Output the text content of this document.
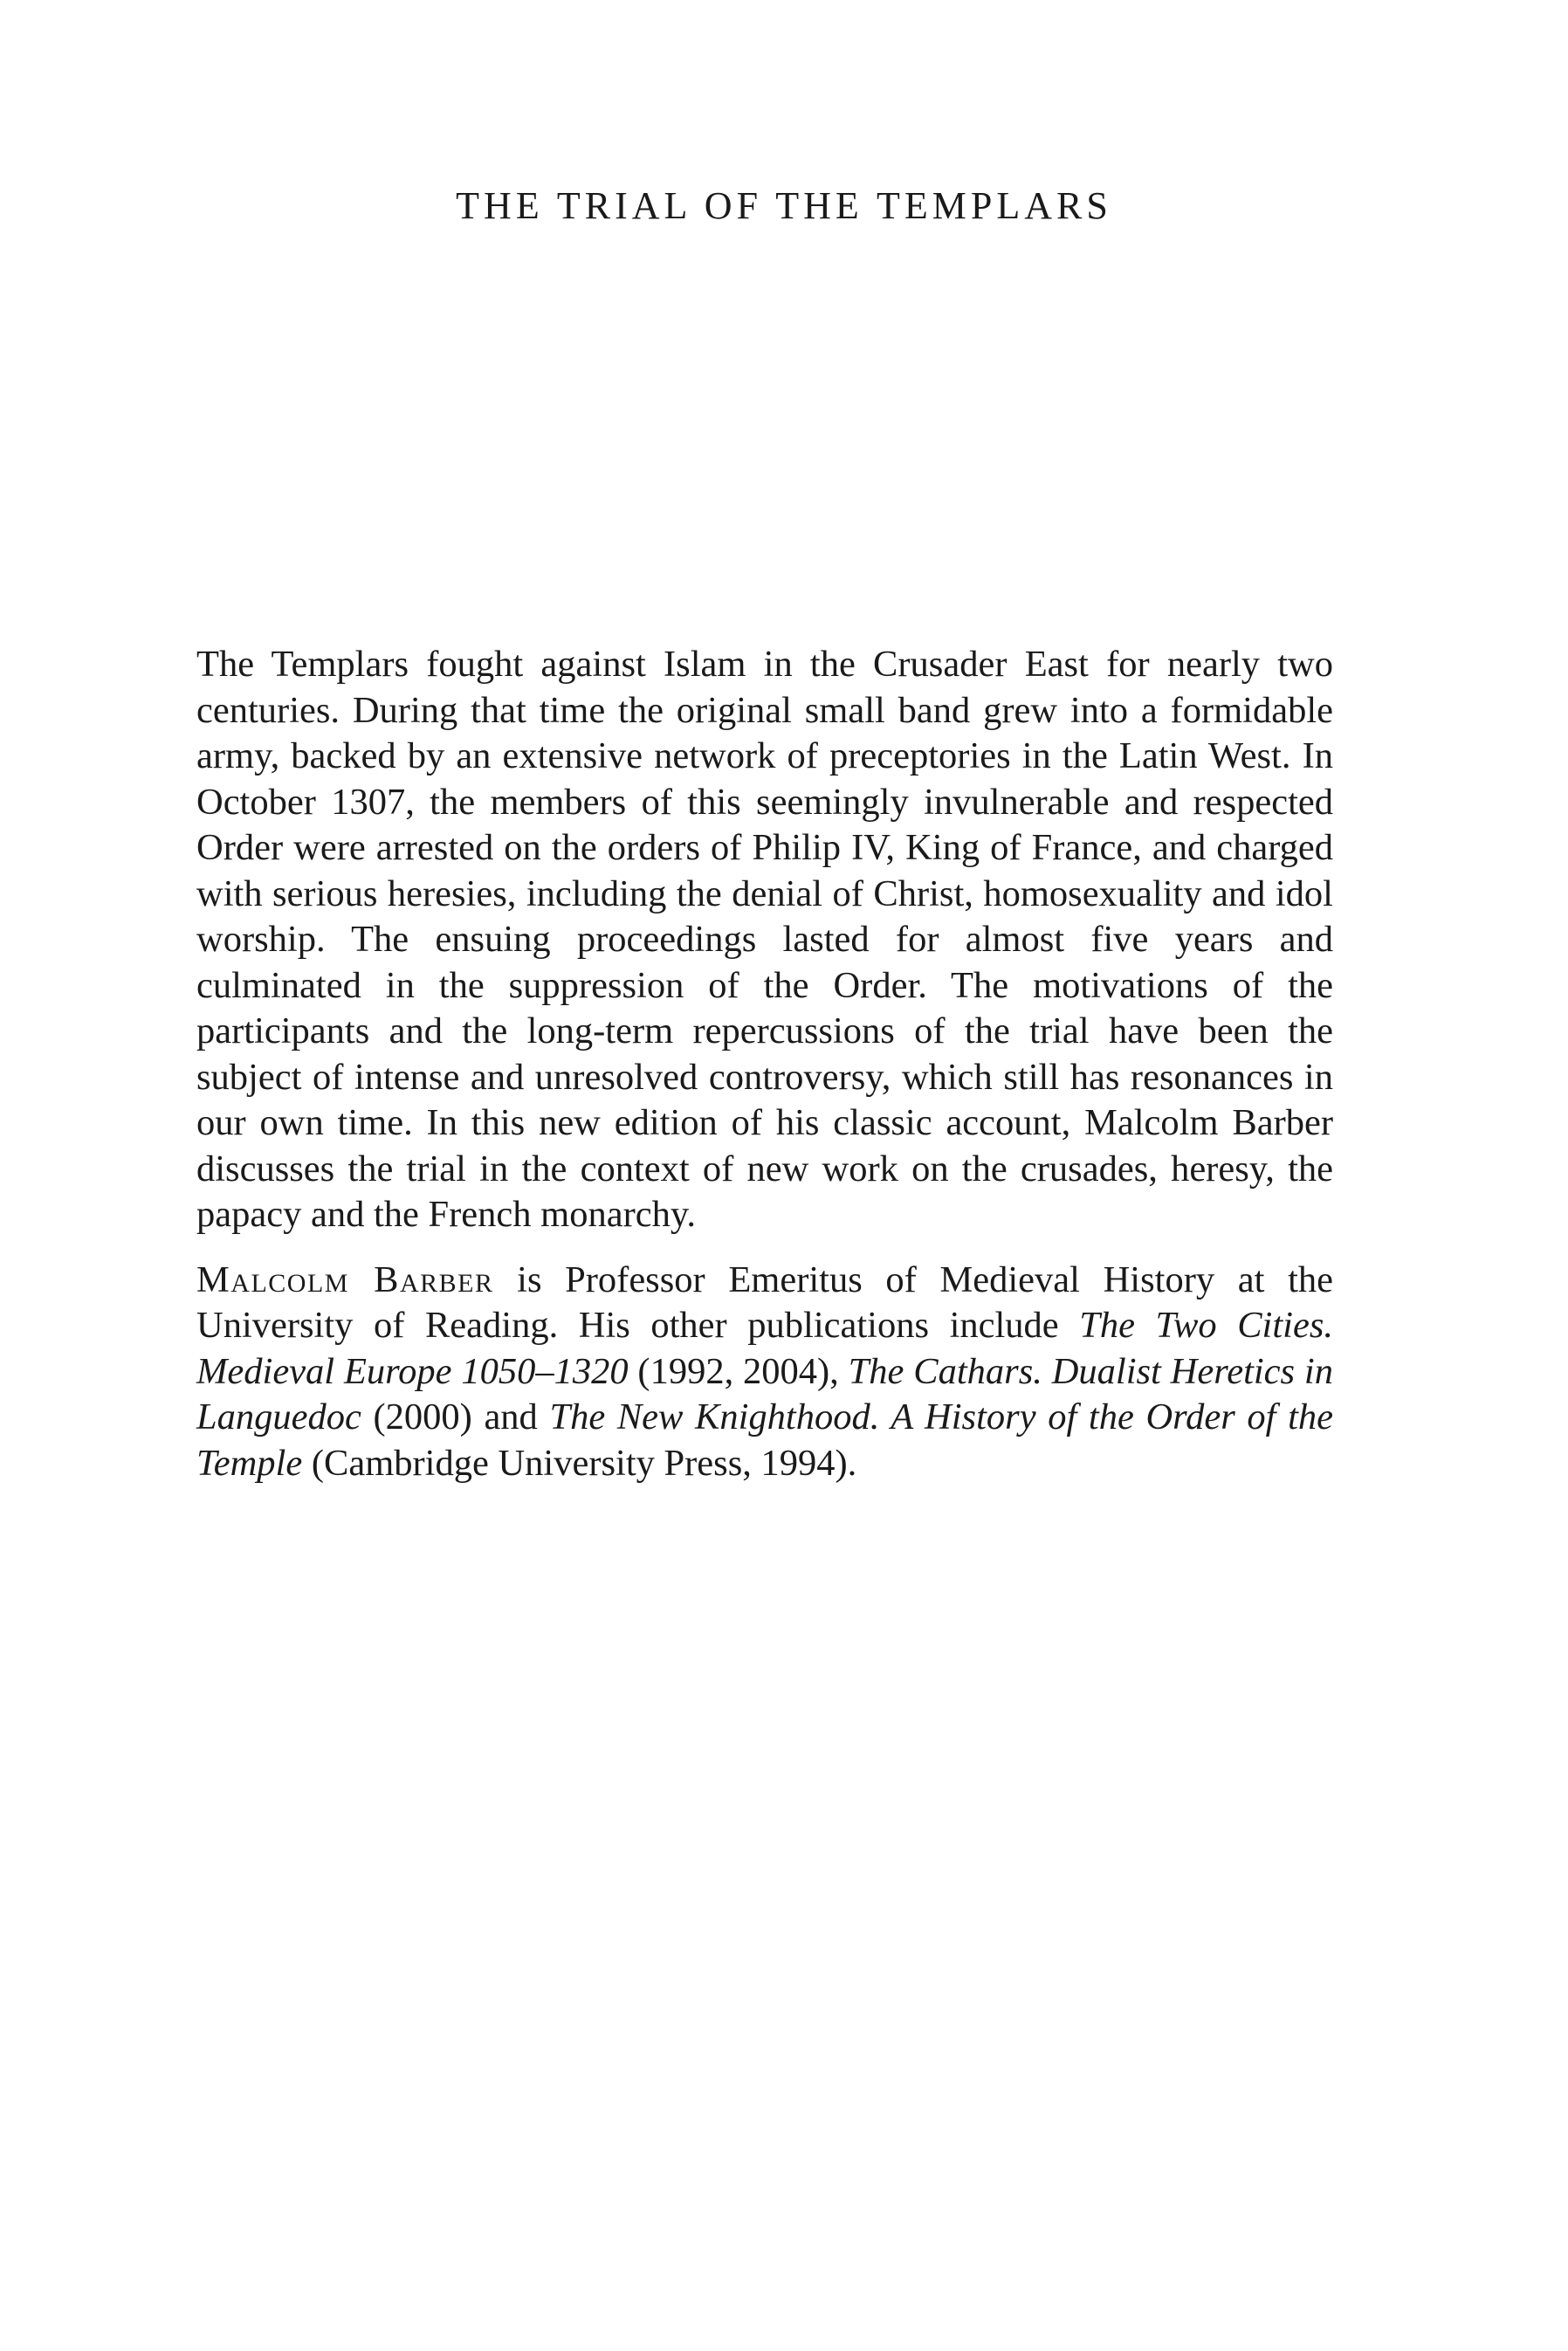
THE TRIAL OF THE TEMPLARS

The Templars fought against Islam in the Crusader East for nearly two centuries. During that time the original small band grew into a formidable army, backed by an extensive network of preceptories in the Latin West. In October 1307, the members of this seemingly invulnerable and respected Order were arrested on the orders of Philip IV, King of France, and charged with serious heresies, including the denial of Christ, homosexuality and idol worship. The ensuing proceedings lasted for almost five years and culminated in the suppression of the Order. The motivations of the participants and the long-term repercussions of the trial have been the subject of intense and unresolved controversy, which still has resonances in our own time. In this new edition of his classic account, Malcolm Barber discusses the trial in the context of new work on the crusades, heresy, the papacy and the French monarchy.

Malcolm Barber is Professor Emeritus of Medieval History at the University of Reading. His other publications include The Two Cities. Medieval Europe 1050–1320 (1992, 2004), The Cathars. Dualist Heretics in Languedoc (2000) and The New Knighthood. A History of the Order of the Temple (Cambridge University Press, 1994).
